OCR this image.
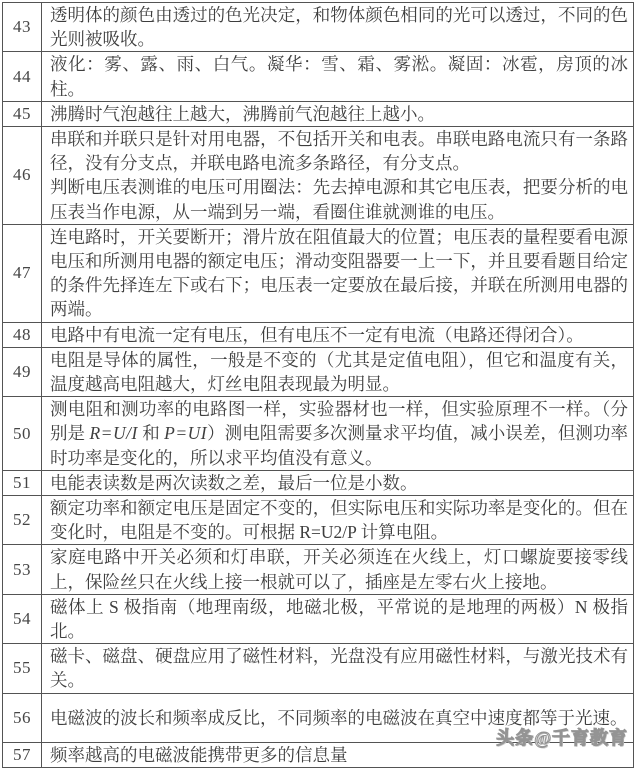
43	透明体的颜色由透过的色光决定，和物体颜色相同的光可以透过，不同的色光则被吸收。

44	液化：雾、露、雨、白气。凝华：雪、霜、雾淞。凝固：冰雹，房顶的冰柱。

45	沸腾时气泡越往上越大，沸腾前气泡越往上越小。

46	串联和并联只是针对用电器，不包括开关和电表。串联电路电流只有一条路径，没有分支点，并联电路电流多条路径，有分支点。

判断电压表测谁的电压可用圈法：先去掉电源和其它电压表，把要分析的电压表当作电源，从一端到另一端，看圈住谁就测谁的电压。

47	连电路时，开关要断开；滑片放在阻值最大的位置；电压表的量程要看电源电压和所测用电器的额定电压；滑动变阻器要一上一下，并且要看题目给定的条件先择连左下或右下；电压表一定要放在最后接，并联在所测用电器的两端。

48	电路中有电流一定有电压，但有电压不一定有电流（电路还得闭合）。

49	电阻是导体的属性，一般是不变的（尤其是定值电阻），但它和温度有关，温度越高电阻越大，灯丝电阻表现最为明显。

50	测电阻和测功率的电路图一样，实验器材也一样，但实验原理不一样。（分别是 R=U/I 和 P=UI）测电阻需要多次测量求平均值，减小误差，但测功率时功率是变化的，所以求平均值没有意义。

51	电能表读数是两次读数之差，最后一位是小数。

52	额定功率和额定电压是固定不变的，但实际电压和实际功率是变化的。但在变化时，电阻是不变的。可根据 R=U2/P 计算电阻。

53	家庭电路中开关必须和灯串联，开关必须连在火线上，灯口螺旋要接零线上，保险丝只在火线上接一根就可以了，插座是左零右火上接地。

54	磁体上 S 极指南（地理南级，地磁北极，平常说的是地理的两极）N 极指北。

55	磁卡、磁盘、硬盘应用了磁性材料，光盘没有应用磁性材料，与激光技术有关。

56	电磁波的波长和频率成反比，不同频率的电磁波在真空中速度都等于光速。

57	频率越高的电磁波能携带更多的信息量

头条@千育教育
